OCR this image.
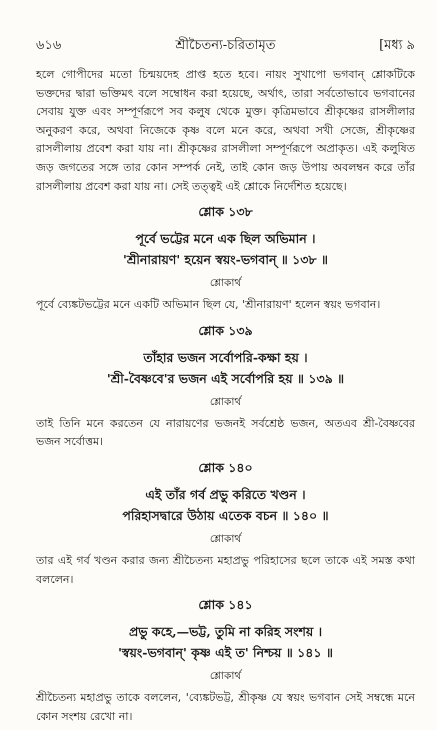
৬১৬	শ্রীচৈতন্য-চরিতামৃত	[মধ্য ৯

হলে গোপীদের মতো চিন্ময়দেহ প্রাপ্ত হতে হবে। নায়ং সুখাপো ভগবান্ শ্লোকটিকে ভক্তদের দ্বারা ভক্তিমৎ বলে সম্বোধন করা হয়েছে, অর্থাৎ, তারা সর্বতোভাবে ভগবানের সেবায় যুক্ত এবং সম্পূর্ণরূপে সব কলুষ থেকে মুক্ত। কৃত্রিমভাবে শ্রীকৃষ্ণের রাসলীলার অনুকরণ করে, অথবা নিজেকে কৃষ্ণ বলে মনে করে, অথবা সখী সেজে, শ্রীকৃষ্ণের রাসলীলায় প্রবেশ করা যায় না। শ্রীকৃষ্ণের রাসলীলা সম্পূর্ণরূপে অপ্রাকৃত। এই কলুষিত জড় জগতের সঙ্গে তার কোন সম্পর্ক নেই, তাই কোন জড় উপায় অবলম্বন করে তাঁর রাসলীলায় প্রবেশ করা যায় না। সেই তত্ত্বই এই শ্লোকে নির্দেশিত হয়েছে।

শ্লোক ১৩৮
পূর্বে ভট্টের মনে এক ছিল অভিমান ।
'শ্রীনারায়ণ' হয়েন স্বয়ং-ভগবান্ ॥ ১৩৮ ॥
শ্লোকার্থ

পূর্বে ব্যেঙ্কটভট্টের মনে একটি অভিমান ছিল যে, 'শ্রীনারায়ণ' হলেন স্বয়ং ভগবান।

শ্লোক ১৩৯
তাঁহার ভজন সর্বোপরি-কক্ষা হয় ।
'শ্রী-বৈষ্ণবে'র ভজন এই সর্বোপরি হয় ॥ ১৩৯ ॥
শ্লোকার্থ

তাই তিনি মনে করতেন যে নারায়ণের ভজনই সর্বশ্রেষ্ঠ ভজন, অতএব শ্রী-বৈষ্ণবের ভজন সর্বোত্তম।

শ্লোক ১৪০
এই তাঁর গর্ব প্রভু করিতে খণ্ডন ।
পরিহাসদ্বারে উঠায় এতেক বচন ॥ ১৪০ ॥
শ্লোকার্থ

তার এই গর্ব খণ্ডন করার জন্য শ্রীচৈতন্য মহাপ্রভু পরিহাসের ছলে তাকে এই সমস্ত কথা বললেন।

শ্লোক ১৪১
প্রভু কহে,—ভট্ট, তুমি না করিহ সংশয় ।
'স্বয়ং-ভগবান্' কৃষ্ণ এই ত' নিশ্চয় ॥ ১৪১ ॥
শ্লোকার্থ

শ্রীচৈতন্য মহাপ্রভু তাকে বললেন, 'ব্যেঙ্কটভট্ট, শ্রীকৃষ্ণ যে স্বয়ং ভগবান সেই সম্বন্ধে মনে কোন সংশয় রেখো না।
